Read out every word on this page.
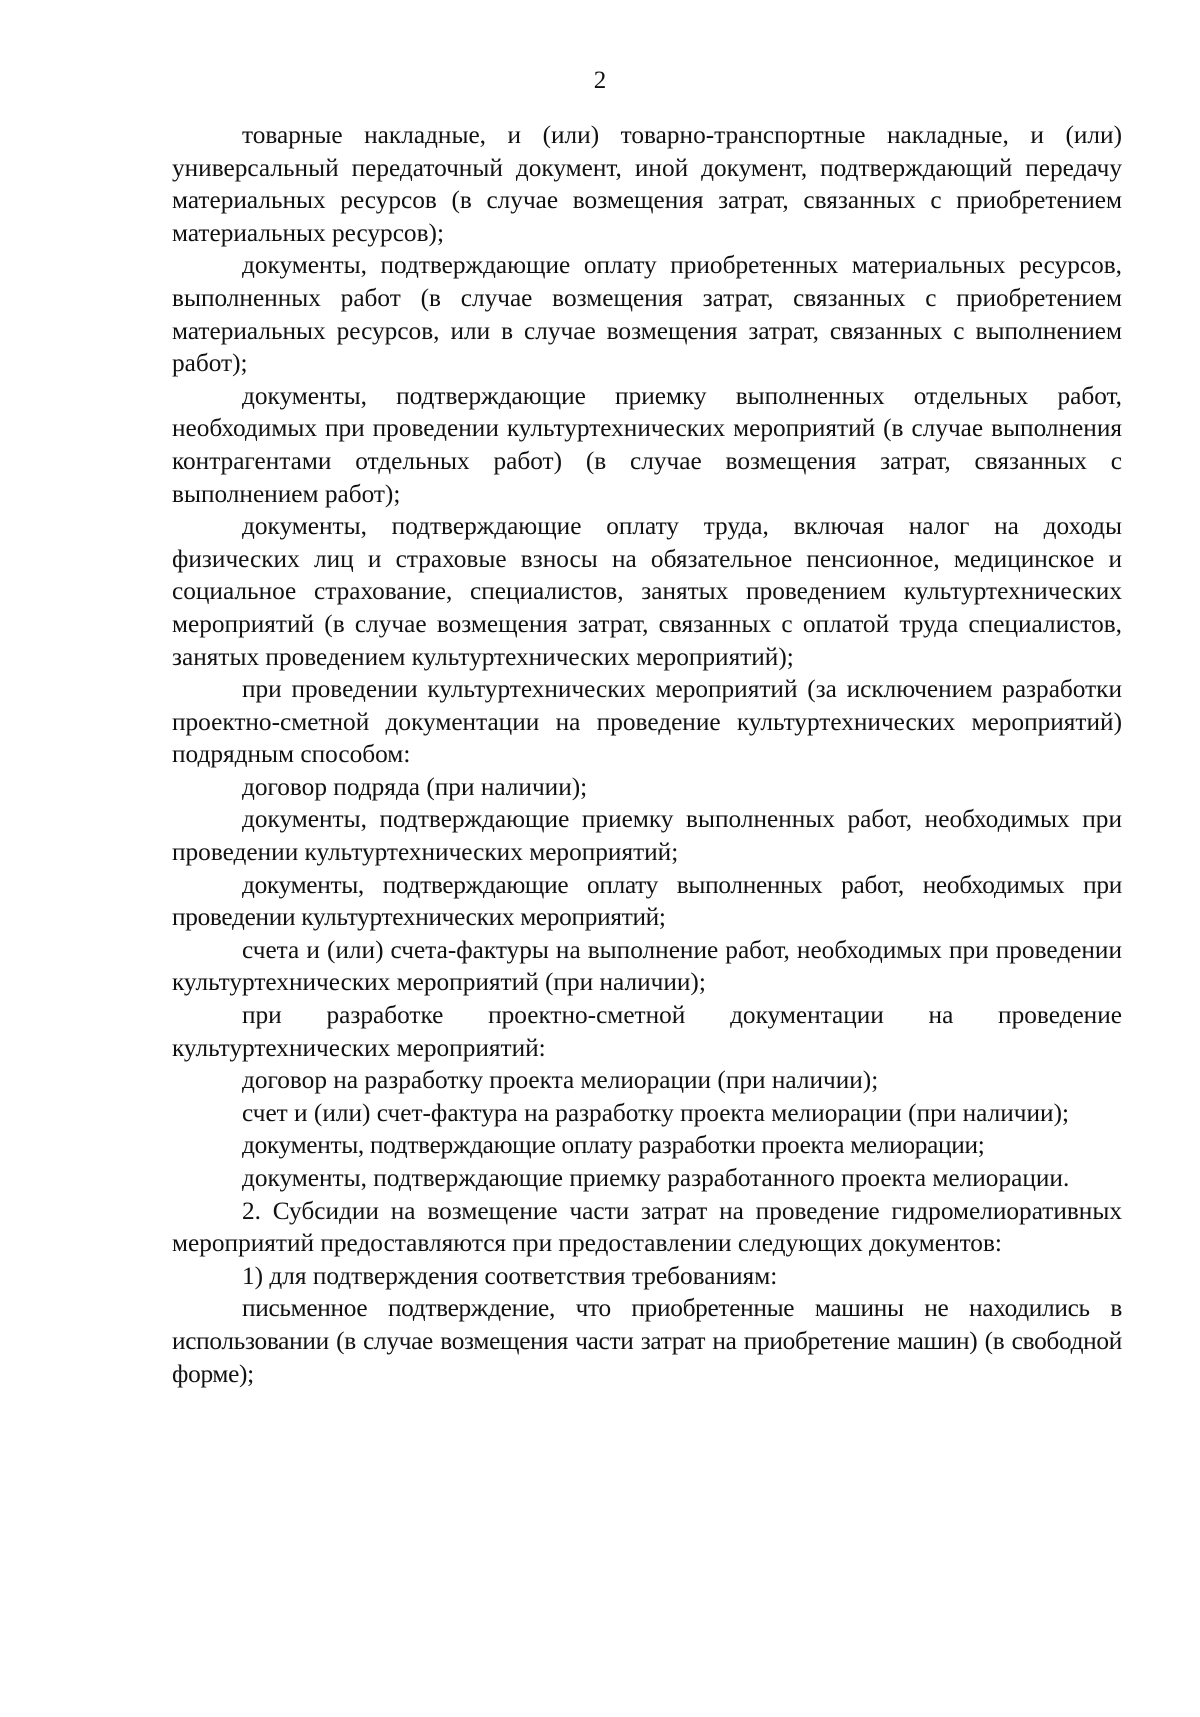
2

товарные накладные, и (или) товарно-транспортные накладные, и (или) универсальный передаточный документ, иной документ, подтверждающий передачу материальных ресурсов (в случае возмещения затрат, связанных с приобретением материальных ресурсов);

документы, подтверждающие оплату приобретенных материальных ресурсов, выполненных работ (в случае возмещения затрат, связанных с приобретением материальных ресурсов, или в случае возмещения затрат, связанных с выполнением работ);

документы, подтверждающие приемку выполненных отдельных работ, необходимых при проведении культуртехнических мероприятий (в случае выполнения контрагентами отдельных работ) (в случае возмещения затрат, связанных с выполнением работ);

документы, подтверждающие оплату труда, включая налог на доходы физических лиц и страховые взносы на обязательное пенсионное, медицинское и социальное страхование, специалистов, занятых проведением культуртехнических мероприятий (в случае возмещения затрат, связанных с оплатой труда специалистов, занятых проведением культуртехнических мероприятий);

при проведении культуртехнических мероприятий (за исключением разработки проектно-сметной документации на проведение культуртехнических мероприятий) подрядным способом:

договор подряда (при наличии);

документы, подтверждающие приемку выполненных работ, необходимых при проведении культуртехнических мероприятий;

документы, подтверждающие оплату выполненных работ, необходимых при проведении культуртехнических мероприятий;

счета и (или) счета-фактуры на выполнение работ, необходимых при проведении культуртехнических мероприятий (при наличии);

при разработке проектно-сметной документации на проведение культуртехнических мероприятий:

договор на разработку проекта мелиорации (при наличии);

счет и (или) счет-фактура на разработку проекта мелиорации (при наличии);

документы, подтверждающие оплату разработки проекта мелиорации;

документы, подтверждающие приемку разработанного проекта мелиорации.

2. Субсидии на возмещение части затрат на проведение гидромелиоративных мероприятий предоставляются при предоставлении следующих документов:

1) для подтверждения соответствия требованиям:

письменное подтверждение, что приобретенные машины не находились в использовании (в случае возмещения части затрат на приобретение машин) (в свободной форме);
